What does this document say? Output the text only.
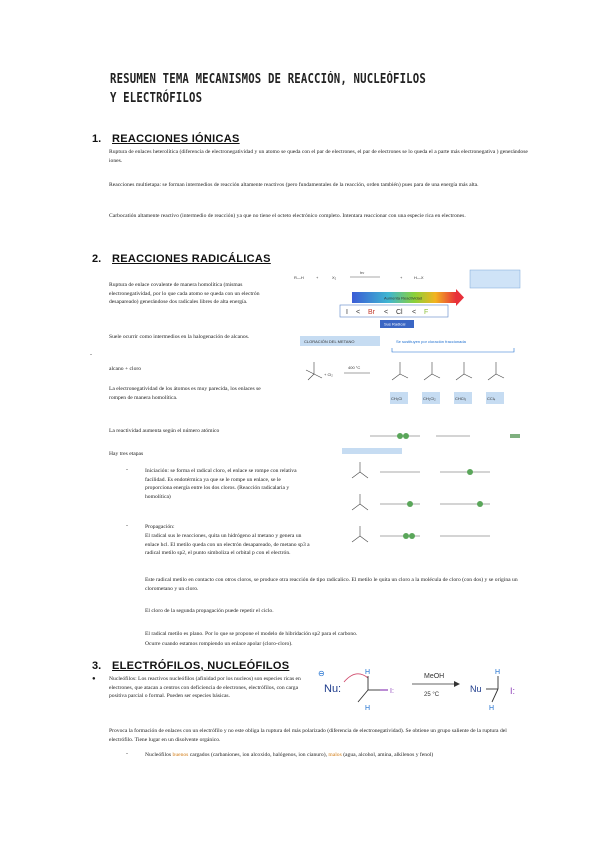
RESUMEN TEMA MECANISMOS DE REACCIÓN, NUCLEÓFILOS Y ELECTRÓFILOS
1. REACCIONES IÓNICAS
Ruptura de enlaces heterolítica (diferencia de electronegatividad y un atomo se queda con el par de electrones, el par de electrones se lo queda el a parte más electronegativa ) generándose iones.
Reacciones multietapa: se forman intermedios de reacción altamente reactivos (pero fundamentales de la reacción, orden también) pues para de una energía más alta.
Carbocatión altamente reactivo (intermedio de reacción) ya que no tiene el octeto electrónico completo. Intentara reaccionar con una especie rica en electrones.
2. REACCIONES RADICÁLICAS
Ruptura de enlace covalente de manera homolítica (mismas electronegatividad, por lo que cada atomo se queda con un electrón desapareado) generándose dos radicales libres de alta energía.
Suele ocurrir como intermedios en la halogenación de alcanos.
-
alcano + cloro
La electronegatividad de los átomos es muy parecida, los enlaces se rompen de manera homolítica.
La reactividad aumenta según el número atómico
Hay tres etapas
-	Iniciación: se forma el radical cloro, el enlace se rompe con relativa facilidad. Es endotérmica ya que se le rompe un enlace, se le proporciona energía entre los dos cloros. (Reacción radicalaria y homolítica)
-	Propagación:
El radical sus le reacciones, quita un hidrógeno al metano y genera un enlace hcl. El metilo queda con un electrón desapareado, de metano sp3 a radical metilo sp2, el punto simboliza el orbital p con el electrón.
Este radical metilo en contacto con otros cloros, se produce otra reacción de tipo radicalico. El metilo le quita un cloro a la molécula de cloro (con dos) y se origina un clorometano y un cloro.
El cloro de la segunda propagación puede repetir el ciclo.
El radical metilo es plano. Por lo que se propone el modelo de hibridación sp2 para el carbono.
Ocurre cuando estamos rompiendo un enlace apolar (cloro-cloro).
R—H	+	X₂
hν
+	H—X
Aumenta Reactividad
I < Br < Cl < F
Sus Radical
CLORACIÓN DEL METANO	Se sustituyen por cloración fraccionada
+ Cl₂
400 °C
CH₃Cl	CH₂Cl₂	CHCl₃	CCl₄
3. ELECTRÓFILOS, NUCLEÓFILOS
● Nucleófilos: Los reactivos nucleófilos (afinidad por los nucleos) son especies ricas en electrones, que atacan a centros con deficiencia de electrones, electrófilos, con carga positiva parcial o formal. Pueden ser especies básicas.
Provoca la formación de enlaces con un electrófilo y no este obliga la ruptura del más polarizado (diferencia de electronegatividad). Se obtiene un grupo saliente de la ruptura del electrófilo. Tiene lugar en un disolvente orgánico.
-	Nucleófilos buenos cargados (carbaniones, ion alcoxido, halógenos, ion cianuro), malos (agua, alcohol, amina, alkilenos y fenol)
⊖
Nu:
H
H
I:
MeOH
25 °C
Nu
H
H
I:
